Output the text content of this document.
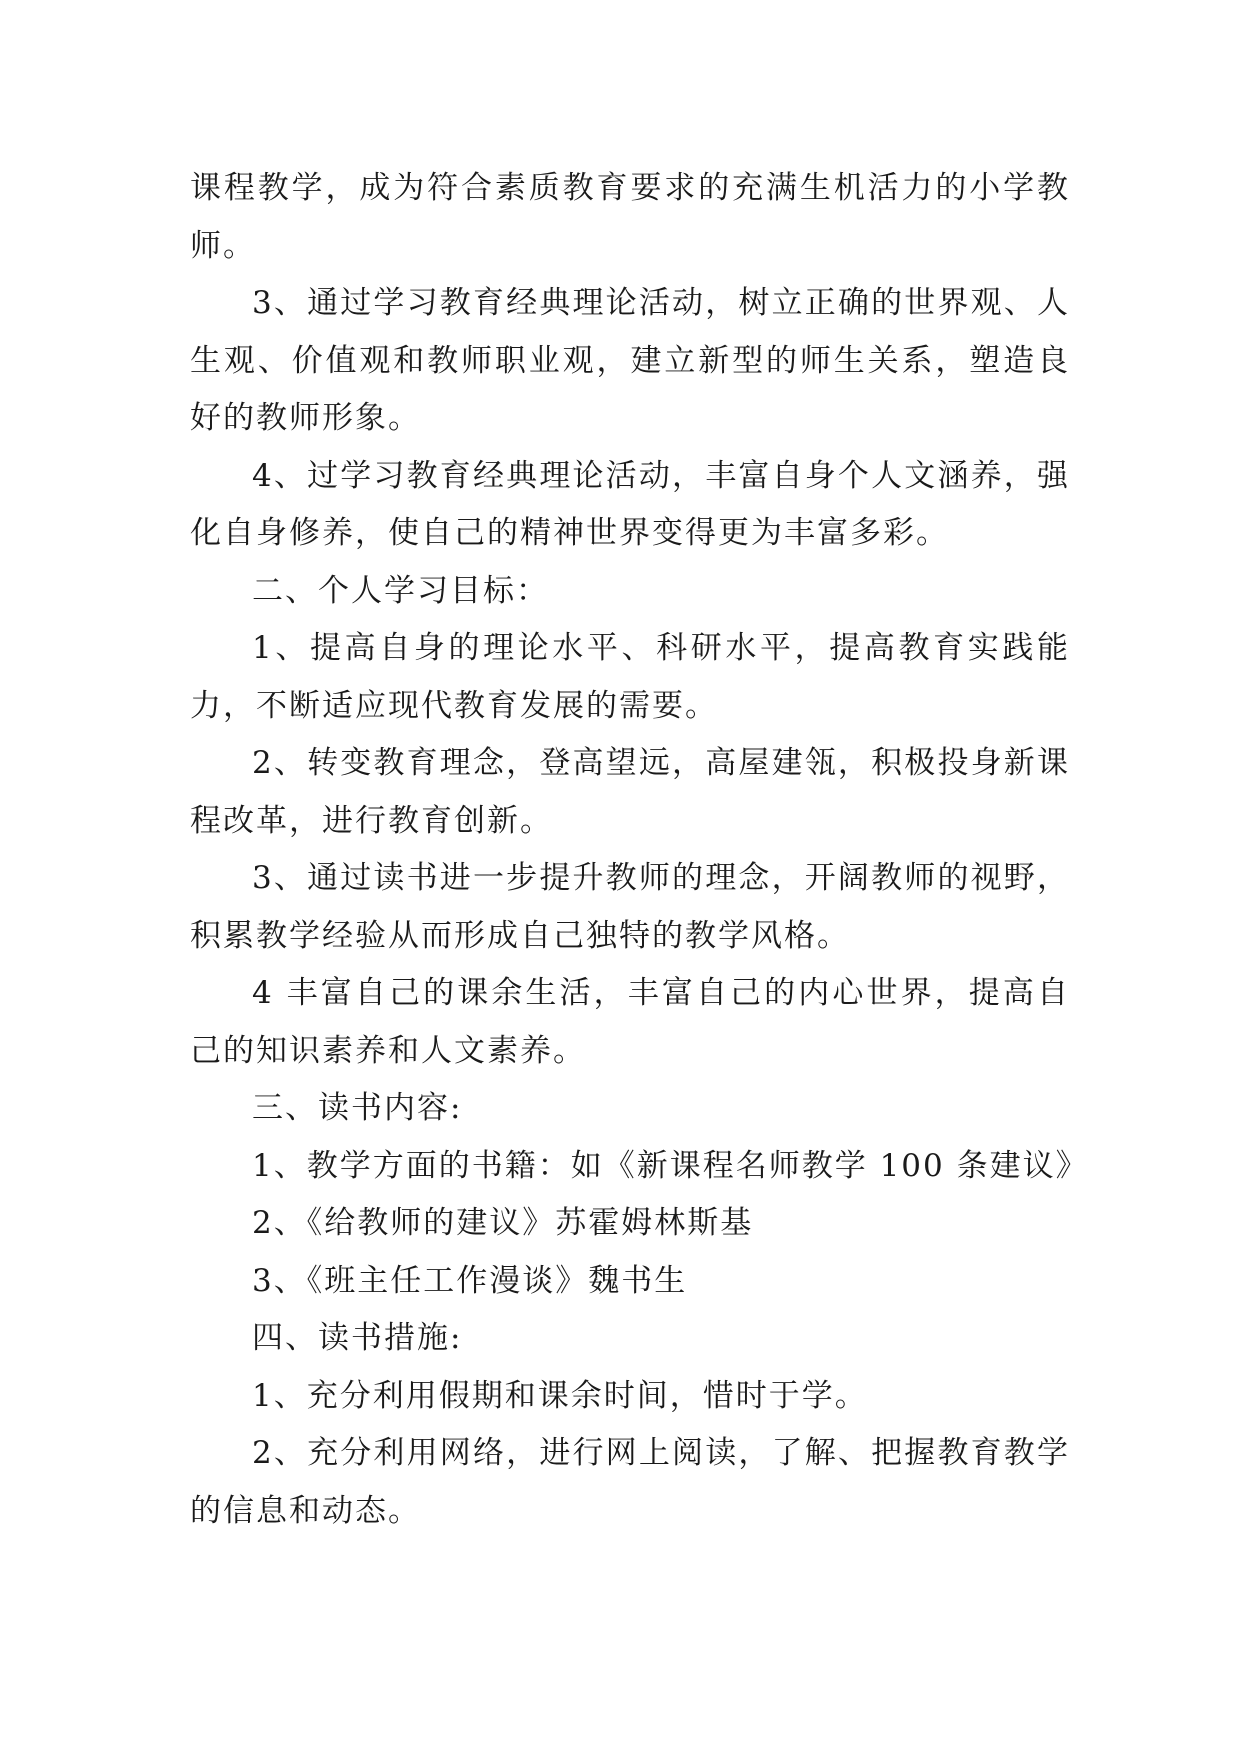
课程教学，成为符合素质教育要求的充满生机活力的小学教师。

3、通过学习教育经典理论活动，树立正确的世界观、人生观、价值观和教师职业观，建立新型的师生关系，塑造良好的教师形象。

4、过学习教育经典理论活动，丰富自身个人文涵养，强化自身修养，使自己的精神世界变得更为丰富多彩。

二、个人学习目标：

1、提高自身的理论水平、科研水平，提高教育实践能力，不断适应现代教育发展的需要。

2、转变教育理念，登高望远，高屋建瓴，积极投身新课程改革，进行教育创新。

3、通过读书进一步提升教师的理念，开阔教师的视野，积累教学经验从而形成自己独特的教学风格。

4 丰富自己的课余生活，丰富自己的内心世界，提高自己的知识素养和人文素养。

三、读书内容:

1、教学方面的书籍：如《新课程名师教学 100 条建议》

2、《给教师的建议》苏霍姆林斯基

3、《班主任工作漫谈》魏书生

四、读书措施:

1、充分利用假期和课余时间，惜时于学。

2、充分利用网络，进行网上阅读，了解、把握教育教学的信息和动态。
